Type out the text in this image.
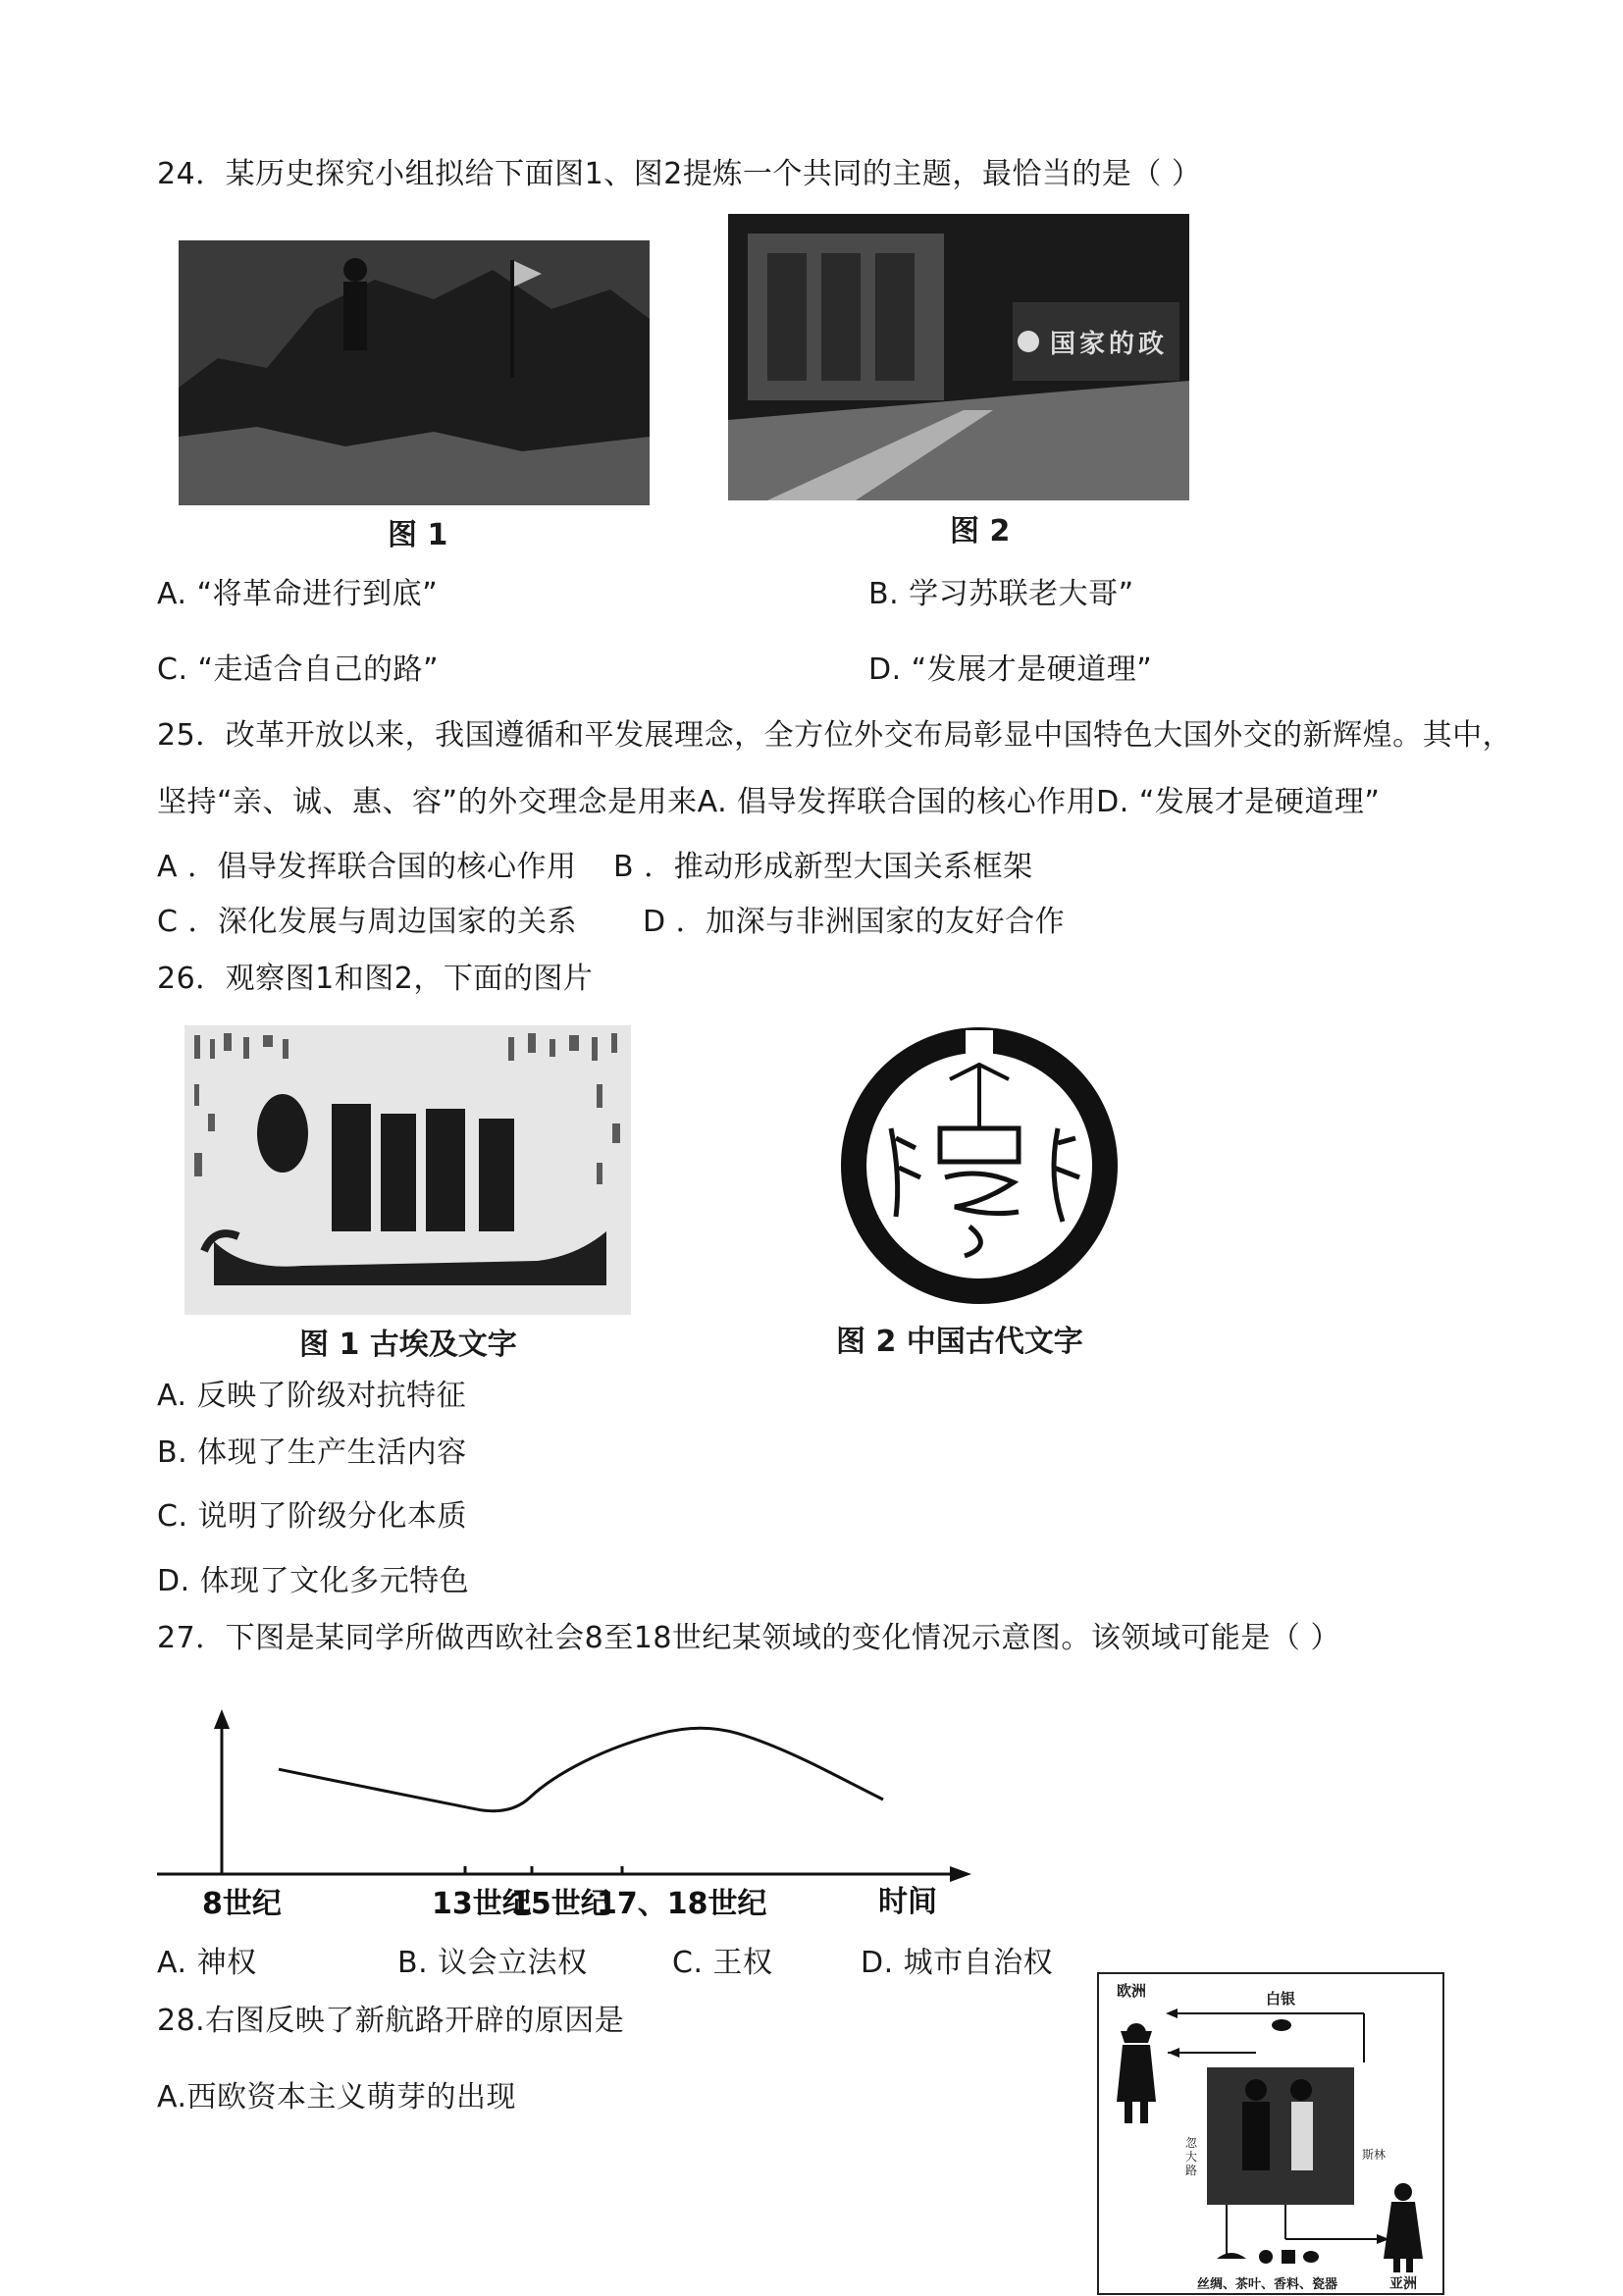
24．某历史探究小组拟给下面图1、图2提炼一个共同的主题，最恰当的是（ ）
图 1
国家的政
图 2
A. “将革命进行到底”	B. 学习苏联老大哥”
C. “走适合自己的路”	D. “发展才是硬道理”
25．改革开放以来，我国遵循和平发展理念，全方位外交布局彰显中国特色大国外交的新辉煌。其中，
坚持“亲、诚、惠、容”的外交理念是用来A. 倡导发挥联合国的核心作用D. “发展才是硬道理”
A ．倡导发挥联合国的核心作用 B ．推动形成新型大国关系框架
C ．深化发展与周边国家的关系 D ．加深与非洲国家的友好合作
26．观察图1和图2，下面的图片
图 1 古埃及文字	图 2 中国古代文字
A. 反映了阶级对抗特征
B. 体现了生产生活内容
C. 说明了阶级分化本质
D. 体现了文化多元特色
27．下图是某同学所做西欧社会8至18世纪某领域的变化情况示意图。该领域可能是（ ）
8世纪	13世纪
15世纪
17、18世纪	时间
A. 神权	B. 议会立法权	C. 王权	D. 城市自治权
28.右图反映了新航路开辟的原因是
A.西欧资本主义萌芽的出现
欧洲	白银
忽大路
斯林
亚洲
丝绸、茶叶、香料、瓷器
